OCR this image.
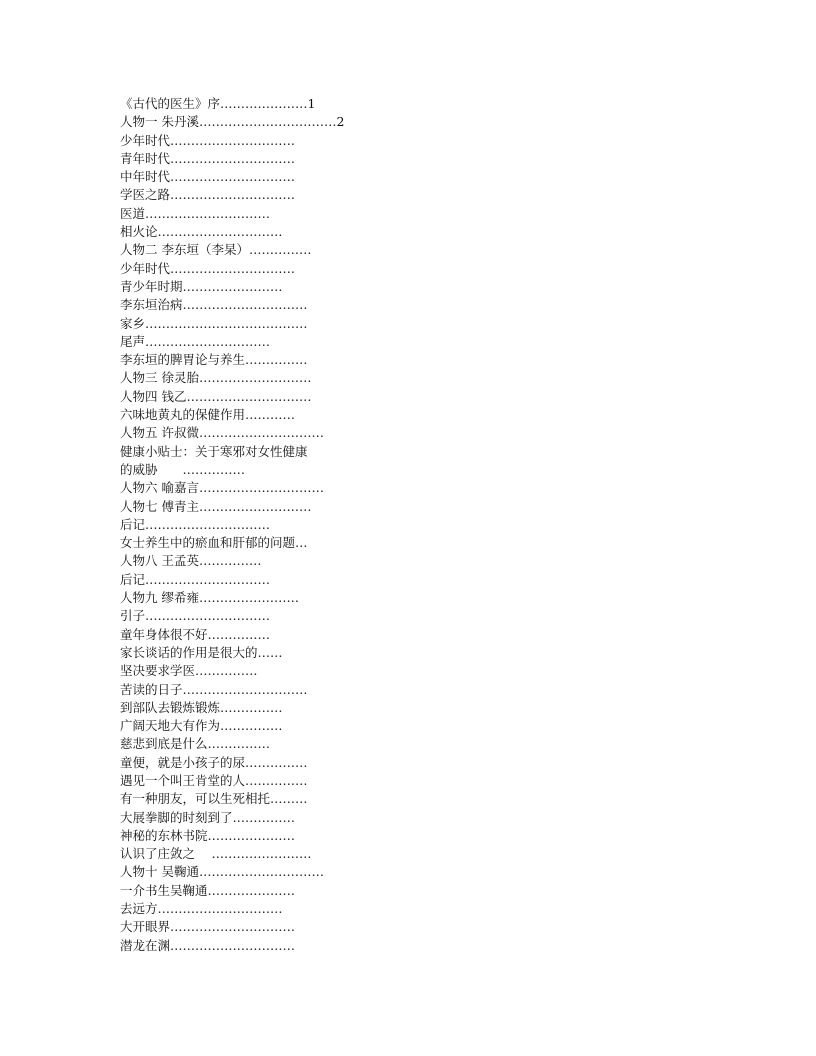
《古代的医生》序…………………1
人物一 朱丹溪……………………………2
少年时代…………………………
青年时代…………………………
中年时代…………………………
学医之路…………………………
医道…………………………
相火论…………………………
人物二 李东垣（李杲）……………
少年时代…………………………
青少年时期……………………
李东垣治病…………………………
家乡…………………………………
尾声…………………………
李东垣的脾胃论与养生……………
人物三 徐灵胎………………………
人物四 钱乙…………………………
六味地黄丸的保健作用…………
人物五 许叔微…………………………
健康小贴士：关于寒邪对女性健康
的威胁　　……………
人物六 喻嘉言…………………………
人物七 傅青主………………………
后记…………………………
女士养生中的瘀血和肝郁的问题…
人物八 王孟英……………
后记…………………………
人物九 缪希雍……………………
引子…………………………
童年身体很不好……………
家长谈话的作用是很大的……
坚决要求学医……………
苦读的日子…………………………
到部队去锻炼锻炼……………
广阔天地大有作为……………
慈悲到底是什么……………
童便，就是小孩子的尿……………
遇见一个叫王肯堂的人……………
有一种朋友，可以生死相托………
大展拳脚的时刻到了……………
神秘的东林书院…………………
认识了庄敛之　 ……………………
人物十 吴鞠通…………………………
一介书生吴鞠通…………………
去远方…………………………
大开眼界…………………………
潜龙在渊…………………………
